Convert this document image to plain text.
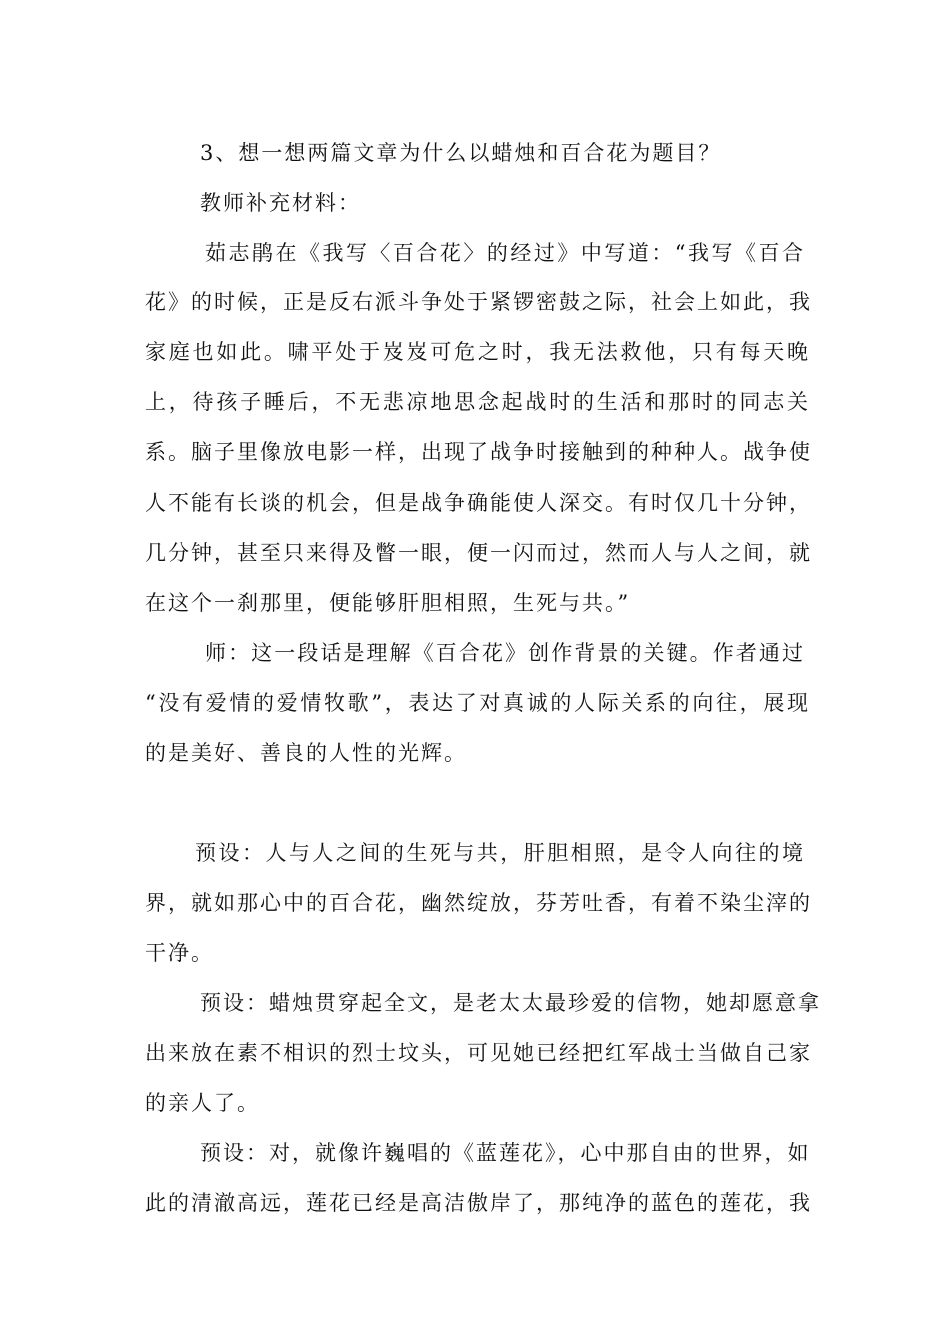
3、想一想两篇文章为什么以蜡烛和百合花为题目？
教师补充材料：
茹志鹃在《我写〈百合花〉的经过》中写道：“我写《百合
花》的时候，正是反右派斗争处于紧锣密鼓之际，社会上如此，我
家庭也如此。啸平处于岌岌可危之时，我无法救他，只有每天晚
上，待孩子睡后，不无悲凉地思念起战时的生活和那时的同志关
系。脑子里像放电影一样，出现了战争时接触到的种种人。战争使
人不能有长谈的机会，但是战争确能使人深交。有时仅几十分钟，
几分钟，甚至只来得及瞥一眼，便一闪而过，然而人与人之间，就
在这个一刹那里，便能够肝胆相照，生死与共。”
师：这一段话是理解《百合花》创作背景的关键。作者通过
“没有爱情的爱情牧歌”，表达了对真诚的人际关系的向往，展现
的是美好、善良的人性的光辉。
预设：人与人之间的生死与共，肝胆相照，是令人向往的境
界，就如那心中的百合花，幽然绽放，芬芳吐香，有着不染尘滓的
干净。
预设：蜡烛贯穿起全文，是老太太最珍爱的信物，她却愿意拿
出来放在素不相识的烈士坟头，可见她已经把红军战士当做自己家
的亲人了。
预设：对，就像许巍唱的《蓝莲花》，心中那自由的世界，如
此的清澈高远，莲花已经是高洁傲岸了，那纯净的蓝色的莲花，我
